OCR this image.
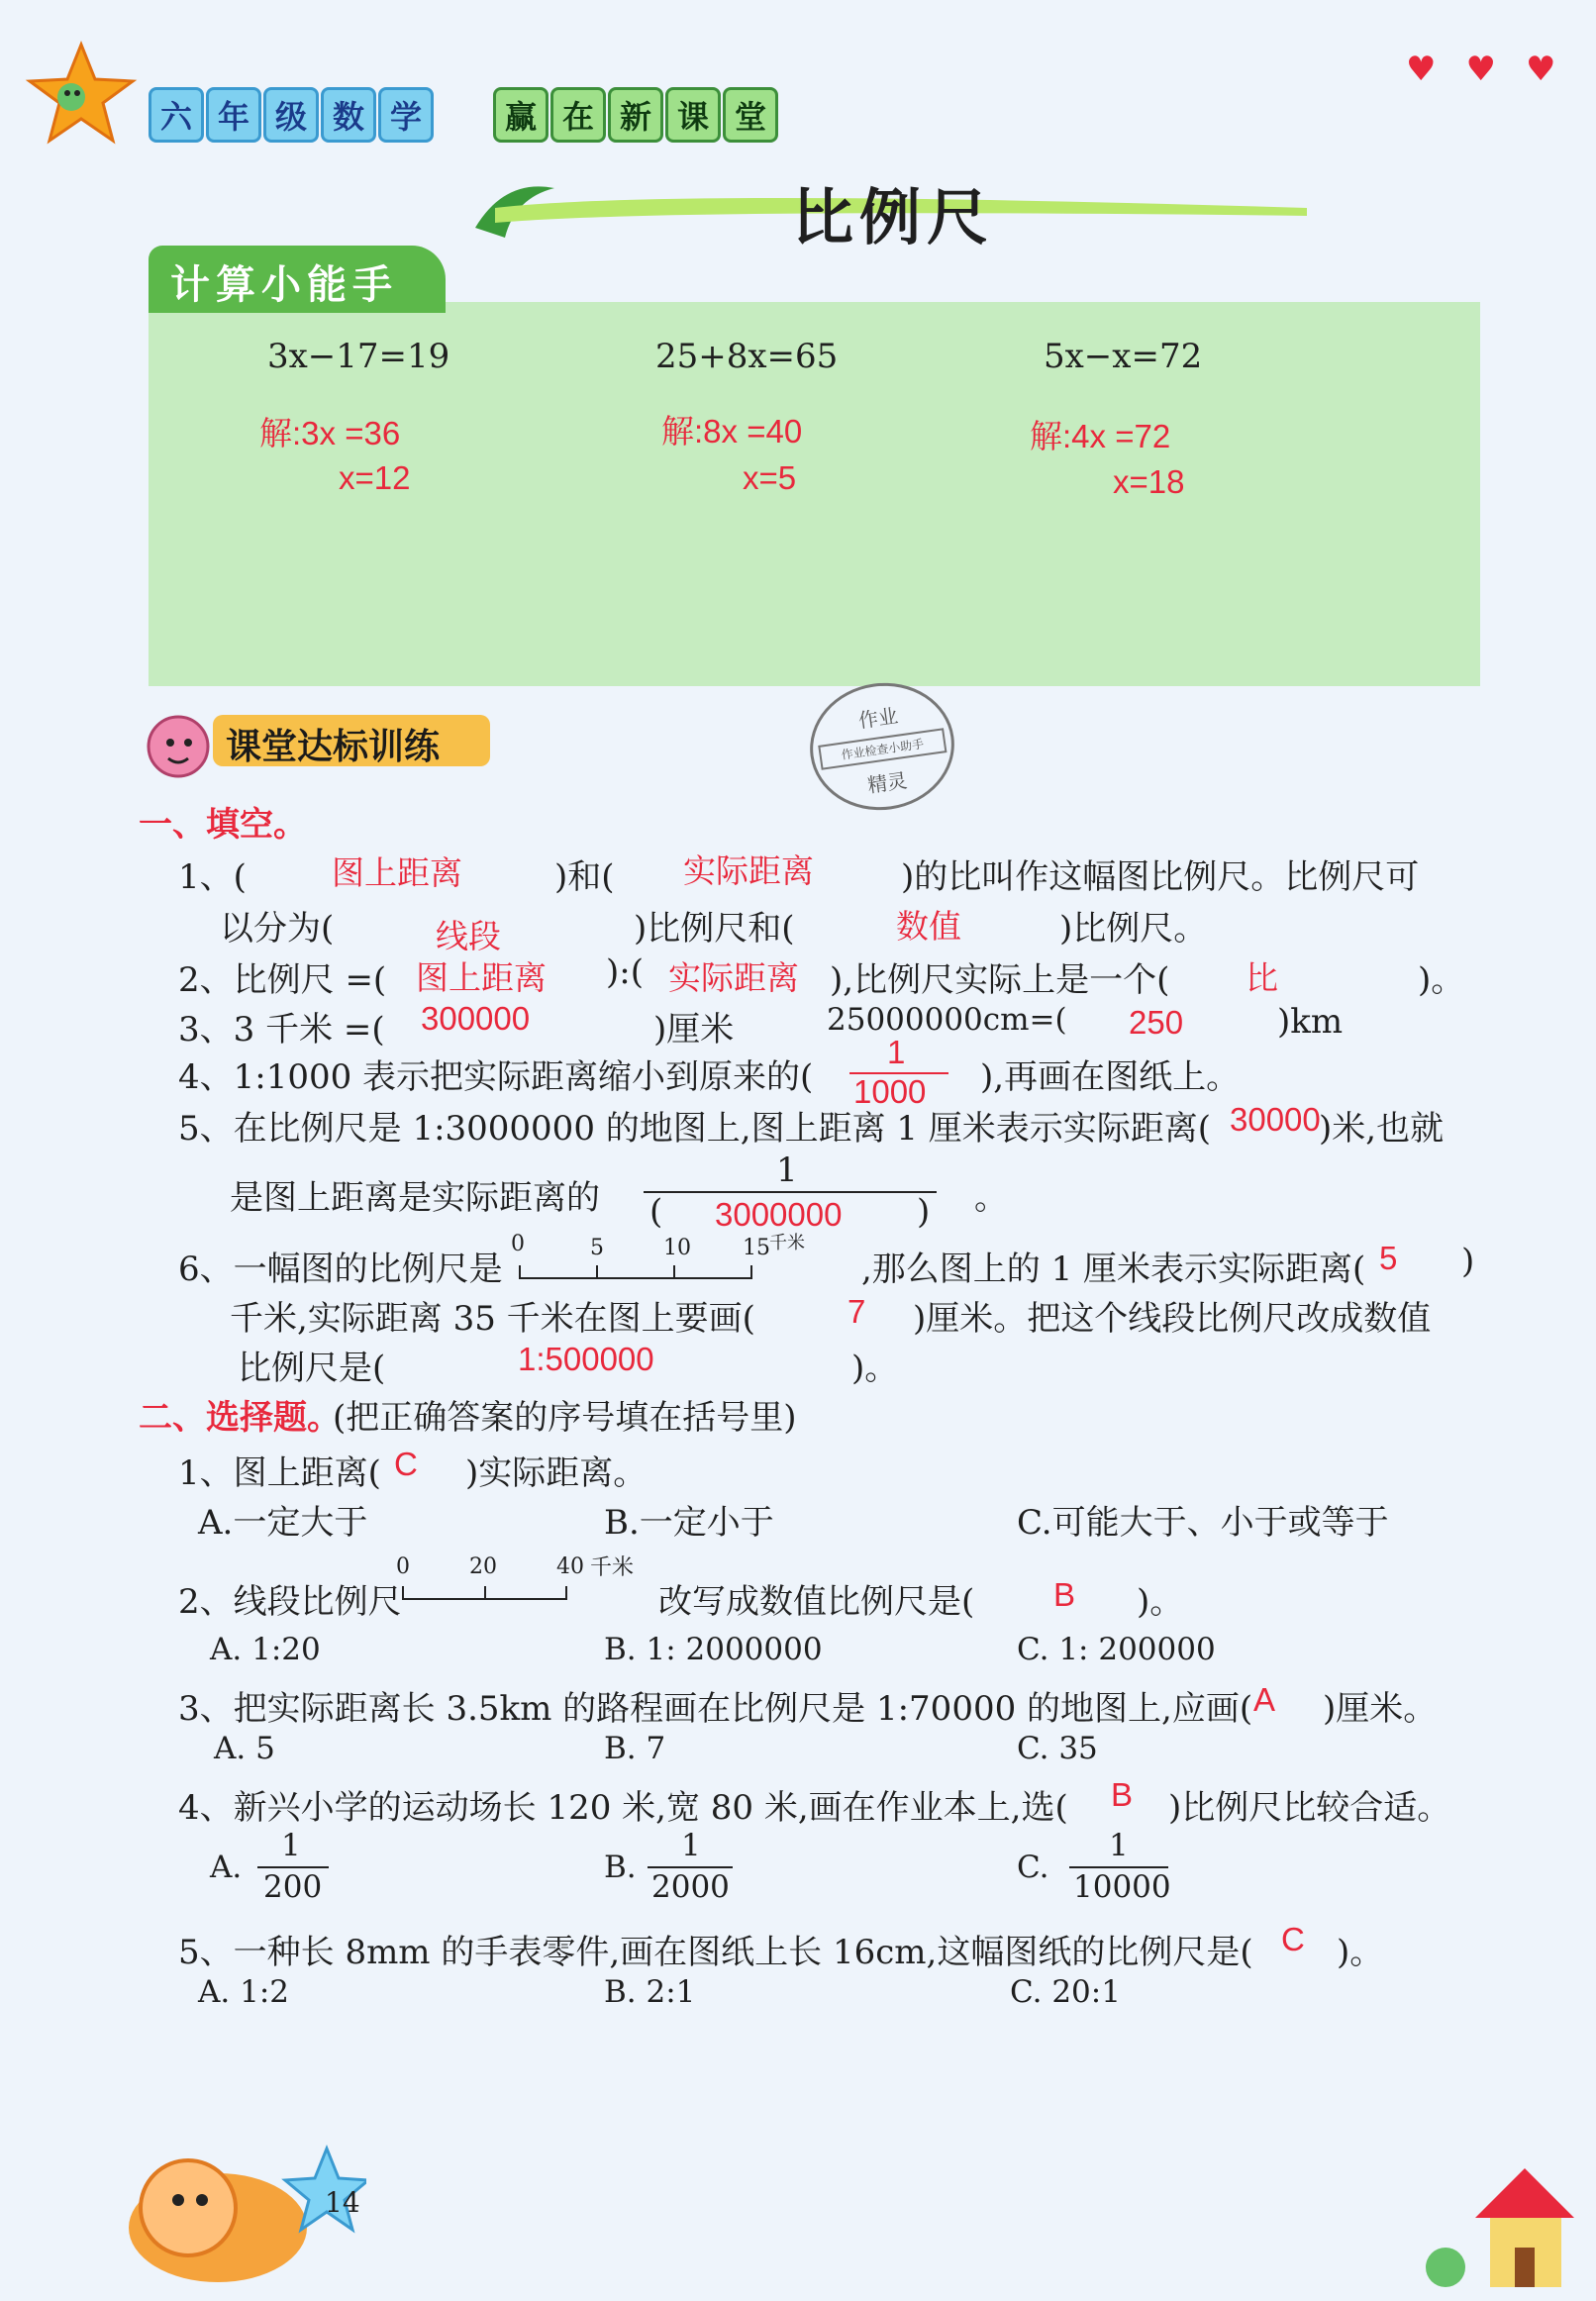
六 年 级 数 学	赢 在 新 课 堂
♥♥♥
比例尺
计算小能手
3x−17=19	25+8x=65	5x−x=72
解:3x =36	解:8x =40	解:4x =72
x=12	x=5	x=18
课堂达标训练
作业
作业检查小助手
精灵
一、填空。
1、(	图上距离	)和( 实际距离	)的比叫作这幅图比例尺。比例尺可
以分为(	线段	)比例尺和(	数值	)比例尺。
2、比例尺 =( 图上距离 ):( 实际距离 ),比例尺实际上是一个( 比	)。
3、3 千米 =( 300000	)厘米	25000000cm=( 250	)km
4、1:1000 表示把实际距离缩小到原来的(
1
1000 ),再画在图纸上。
5、在比例尺是 1:3000000 的地图上,图上距离 1 厘米表示实际距离( 30000
)米,也就
是图上距离是实际距离的
1
( 3000000 ) 。
6、一幅图的比例尺是
0	5	10 15 千米
,那么图上的 1 厘米表示实际距离( 5 )
千米,实际距离 35 千米在图上要画(	7 )厘米。把这个线段比例尺改成数值
比例尺是(	1:500000	)。
二、选择题。
(把正确答案的序号填在括号里)
1、图上距离( C )实际距离。
A.一定大于	B.一定小于	C.可能大于、小于或等于
2、线段比例尺
0	20	40 千米
改写成数值比例尺是( B )。
A. 1:20	B. 1: 2000000	C. 1: 200000
3、把实际距离长 3.5km 的路程画在比例尺是 1:70000 的地图上,应画( A )厘米。
A. 5	B. 7	C. 35
4、新兴小学的运动场长 120 米,宽 80 米,画在作业本上,选( B )比例尺比较合适。
A.
1
200
B.
1
2000
C.
1
10000
5、一种长 8mm 的手表零件,画在图纸上长 16cm,这幅图纸的比例尺是( C )。
A. 1:2	B. 2:1	C. 20:1
14
